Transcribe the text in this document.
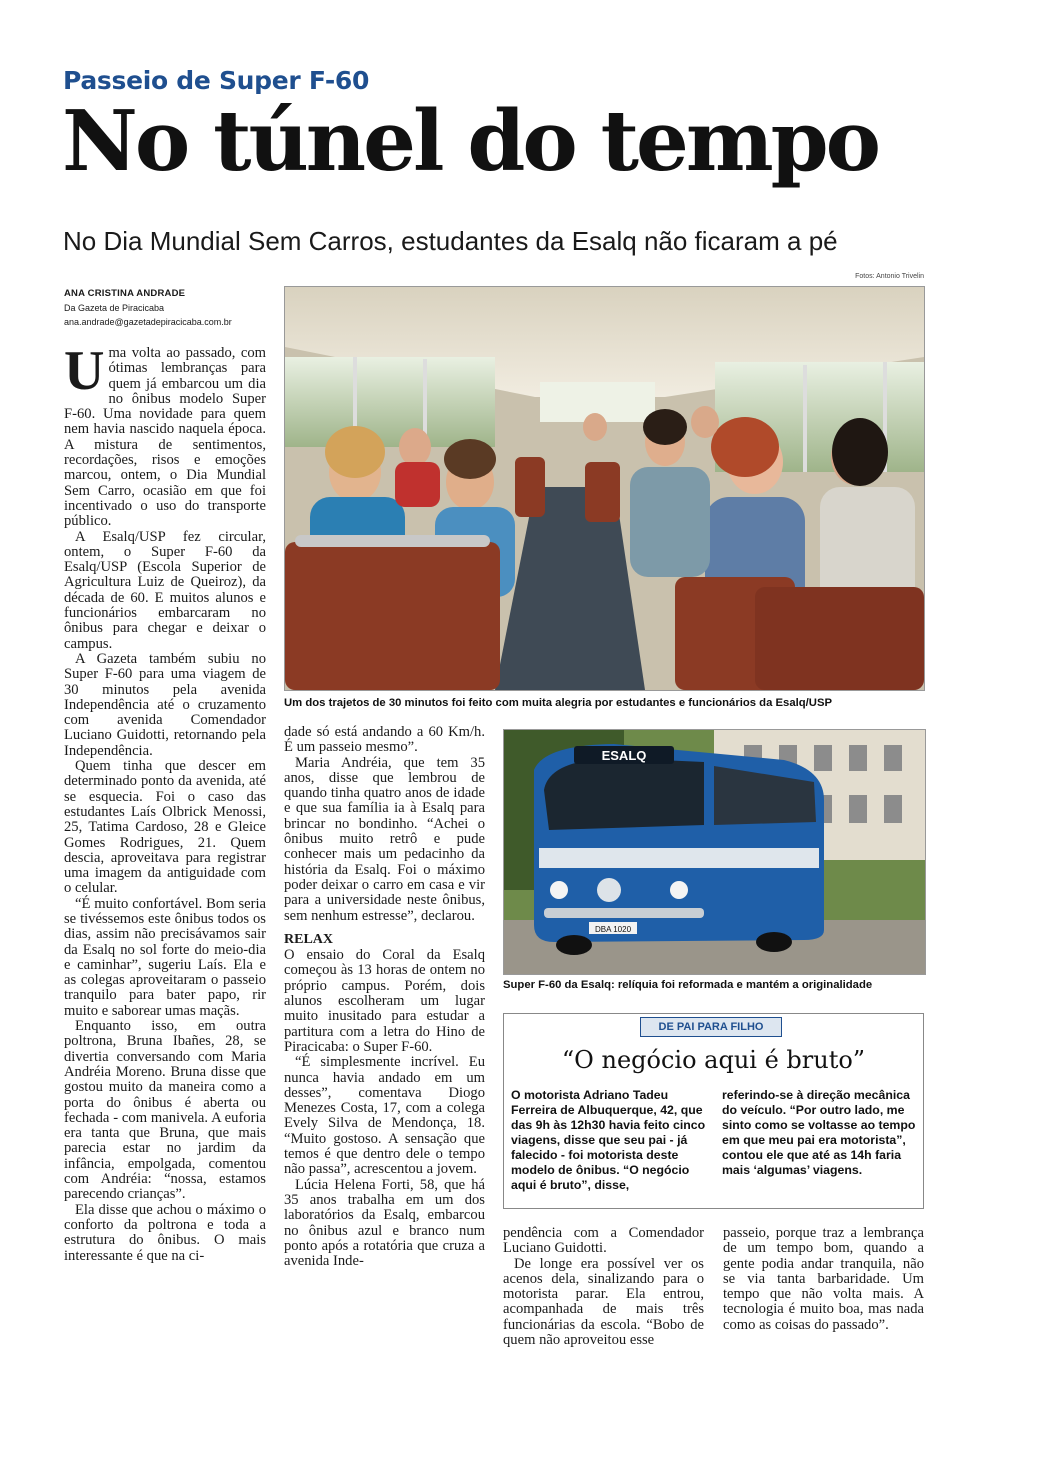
Passeio de Super F-60
No túnel do tempo
No Dia Mundial Sem Carros, estudantes da Esalq não ficaram a pé
Fotos: Antonio Trivelin
ANA CRISTINA ANDRADE
Da Gazeta de Piracicaba
ana.andrade@gazetadepiracicaba.com.br
Um dos trajetos de 30 minutos foi feito com muita alegria por estudantes e funcionários da Esalq/USP
ESALQ
DBA 1020
Super F-60 da Esalq: relíquia foi reformada e mantém a originalidade

Uma volta ao passado, com ótimas lembranças para quem já embarcou um dia no ônibus modelo Super F-60. Uma novidade para quem nem havia nascido naquela época. A mistura de sentimentos, recordações, risos e emoções marcou, ontem, o Dia Mundial Sem Carro, ocasião em que foi incentivado o uso do transporte público.

A Esalq/USP fez circular, ontem, o Super F-60 da Esalq/USP (Escola Superior de Agricultura Luiz de Queiroz), da década de 60. E muitos alunos e funcionários embarcaram no ônibus para chegar e deixar o campus.

A Gazeta também subiu no Super F-60 para uma viagem de 30 minutos pela avenida Independência até o cruzamento com avenida Comendador Luciano Guidotti, retornando pela Independência.

Quem tinha que descer em determinado ponto da avenida, até se esquecia. Foi o caso das estudantes Laís Olbrick Menossi, 25, Tatima Cardoso, 28 e Gleice Gomes Rodrigues, 21. Quem descia, aproveitava para registrar uma imagem da antiguidade com o celular.

“É muito confortável. Bom seria se tivéssemos este ônibus todos os dias, assim não precisávamos sair da Esalq no sol forte do meio-dia e caminhar”, sugeriu Laís. Ela e as colegas aproveitaram o passeio tranquilo para bater papo, rir muito e saborear umas maçãs.

Enquanto isso, em outra poltrona, Bruna Ibañes, 28, se divertia conversando com Maria Andréia Moreno. Bruna disse que gostou muito da maneira como a porta do ônibus é aberta ou fechada - com manivela. A euforia era tanta que Bruna, que mais parecia estar no jardim da infância, empolgada, comentou com Andréia: “nossa, estamos parecendo crianças”.

Ela disse que achou o máximo o conforto da poltrona e toda a estrutura do ônibus. O mais interessante é que na ci-

dade só está andando a 60 Km/h. É um passeio mesmo”.

Maria Andréia, que tem 35 anos, disse que lembrou de quando tinha quatro anos de idade e que sua família ia à Esalq para brincar no bondinho. “Achei o ônibus muito retrô e pude conhecer mais um pedacinho da história da Esalq. Foi o máximo poder deixar o carro em casa e vir para a universidade neste ônibus, sem nenhum estresse”, declarou.

RELAX

O ensaio do Coral da Esalq começou às 13 horas de ontem no próprio campus. Porém, dois alunos escolheram um lugar muito inusitado para estudar a partitura com a letra do Hino de Piracicaba: o Super F-60.

“É simplesmente incrível. Eu nunca havia andado em um desses”, comentava Diogo Menezes Costa, 17, com a colega Evely Silva de Mendonça, 18. “Muito gostoso. A sensação que temos é que dentro dele o tempo não passa”, acrescentou a jovem.

Lúcia Helena Forti, 58, que há 35 anos trabalha em um dos laboratórios da Esalq, embarcou no ônibus azul e branco num ponto após a rotatória que cruza a avenida Inde-

DE PAI PARA FILHO
“O negócio aqui é bruto”
O motorista Adriano Tadeu Ferreira de Albuquerque, 42, que das 9h às 12h30 havia feito cinco viagens, disse que seu pai - já falecido - foi motorista deste modelo de ônibus. “O negócio aqui é bruto”, disse,
referindo-se à direção mecânica do veículo. “Por outro lado, me sinto como se voltasse ao tempo em que meu pai era motorista”, contou ele que até as 14h faria mais ‘algumas’ viagens.

pendência com a Comendador Luciano Guidotti.

De longe era possível ver os acenos dela, sinalizando para o motorista parar. Ela entrou, acompanhada de mais três funcionárias da escola. “Bobo de quem não aproveitou esse

passeio, porque traz a lembrança de um tempo bom, quando a gente podia andar tranquila, não se via tanta barbaridade. Um tempo que não volta mais. A tecnologia é muito boa, mas nada como as coisas do passado”.
